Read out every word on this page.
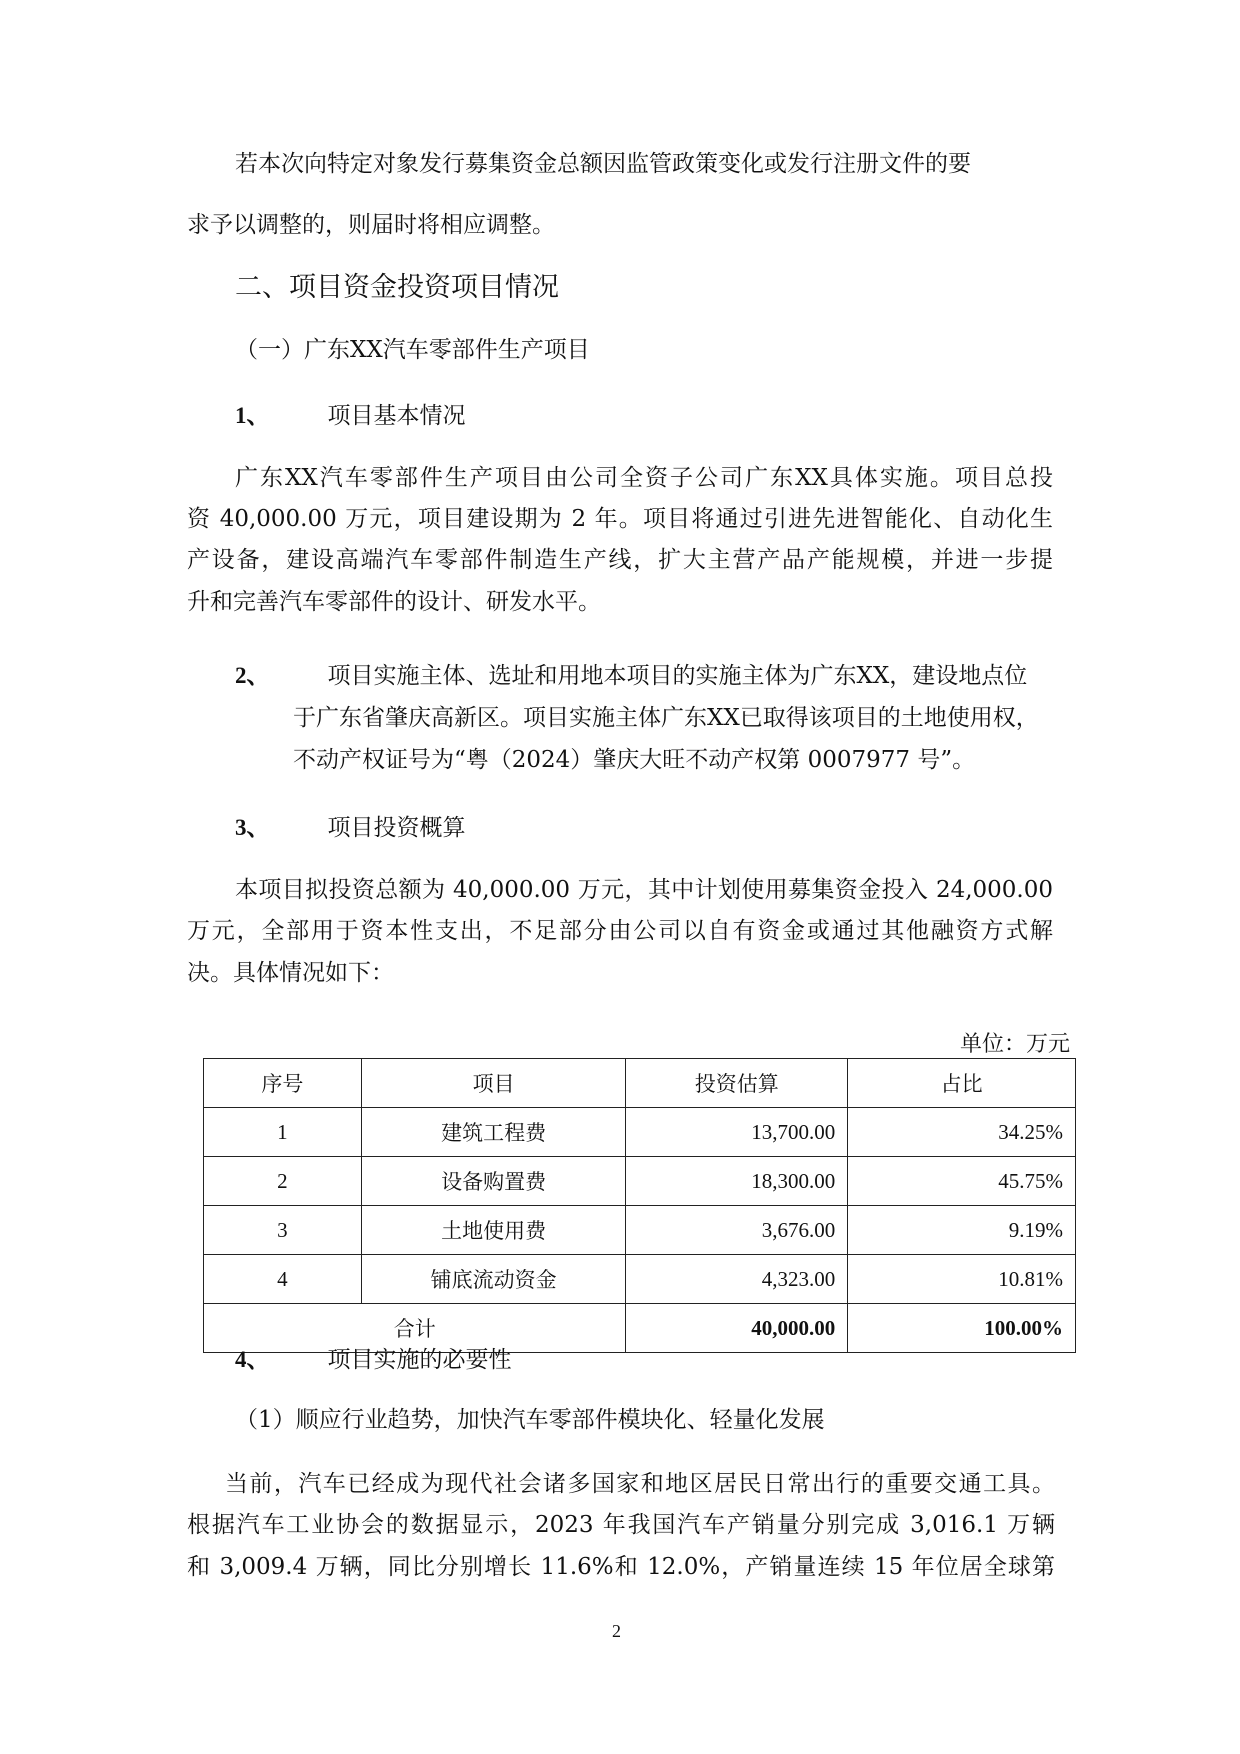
若本次向特定对象发行募集资金总额因监管政策变化或发行注册文件的要

求予以调整的，则届时将相应调整。

二、项目资金投资项目情况

（一）广东XX汽车零部件生产项目

1、	项目基本情况

广东XX汽车零部件生产项目由公司全资子公司广东XX具体实施。项目总投

资 40,000.00 万元，项目建设期为 2 年。项目将通过引进先进智能化、自动化生

产设备，建设高端汽车零部件制造生产线，扩大主营产品产能规模，并进一步提

升和完善汽车零部件的设计、研发水平。

2、	项目实施主体、选址和用地本项目的实施主体为广东XX，建设地点位

于广东省肇庆高新区。项目实施主体广东XX已取得该项目的土地使用权，

不动产权证号为“粤（2024）肇庆大旺不动产权第 0007977 号”。

3、	项目投资概算

本项目拟投资总额为 40,000.00 万元，其中计划使用募集资金投入 24,000.00

万元，全部用于资本性支出，不足部分由公司以自有资金或通过其他融资方式解

决。具体情况如下：

单位：万元
序号	项目	投资估算	占比
1	建筑工程费	13,700.00	34.25%
2	设备购置费	18,300.00	45.75%
3	土地使用费	3,676.00	9.19%
4	铺底流动资金	4,323.00	10.81%
合计		40,000.00	100.00%

4、	项目实施的必要性

（1）顺应行业趋势，加快汽车零部件模块化、轻量化发展

当前，汽车已经成为现代社会诸多国家和地区居民日常出行的重要交通工具。

根据汽车工业协会的数据显示，2023 年我国汽车产销量分别完成 3,016.1 万辆

和 3,009.4 万辆，同比分别增长 11.6%和 12.0%，产销量连续 15 年位居全球第

2
